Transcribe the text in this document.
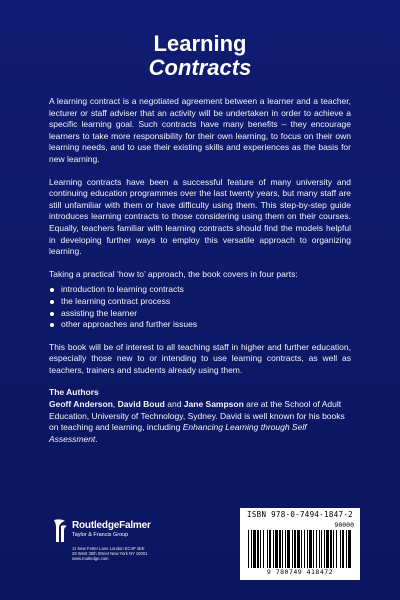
Learning
Contracts

A learning contract is a negotiated agreement between a learner and a teacher, lecturer or staff adviser that an activity will be undertaken in order to achieve a specific learning goal. Such contracts have many benefits – they encourage learners to take more responsibility for their own learning, to focus on their own learning needs, and to use their existing skills and experiences as the basis for new learning.

Learning contracts have been a successful feature of many university and continuing education programmes over the last twenty years, but many staff are still unfamiliar with them or have difficulty using them. This step-by-step guide introduces learning contracts to those considering using them on their courses. Equally, teachers familiar with learning contracts should find the models helpful in developing further ways to employ this versatile approach to organizing learning.

Taking a practical ‘how to’ approach, the book covers in four parts:

introduction to learning contracts
the learning contract process
assisting the learner
other approaches and further issues

This book will be of interest to all teaching staff in higher and further education, especially those new to or intending to use learning contracts, as well as teachers, trainers and students already using them.

The Authors

Geoff Anderson, David Boud and Jane Sampson are at the School of Adult Education, University of Technology, Sydney. David is well known for his books on teaching and learning, including Enhancing Learning through Self Assessment.

RoutledgeFalmer
Taylor & Francis Group
11 New Fetter Lane London EC4P 4EE
29 West 35th Street New York NY 10001
www.routledge.com
ISBN 978-0-7494-1847-2
90000
9 780749 418472
